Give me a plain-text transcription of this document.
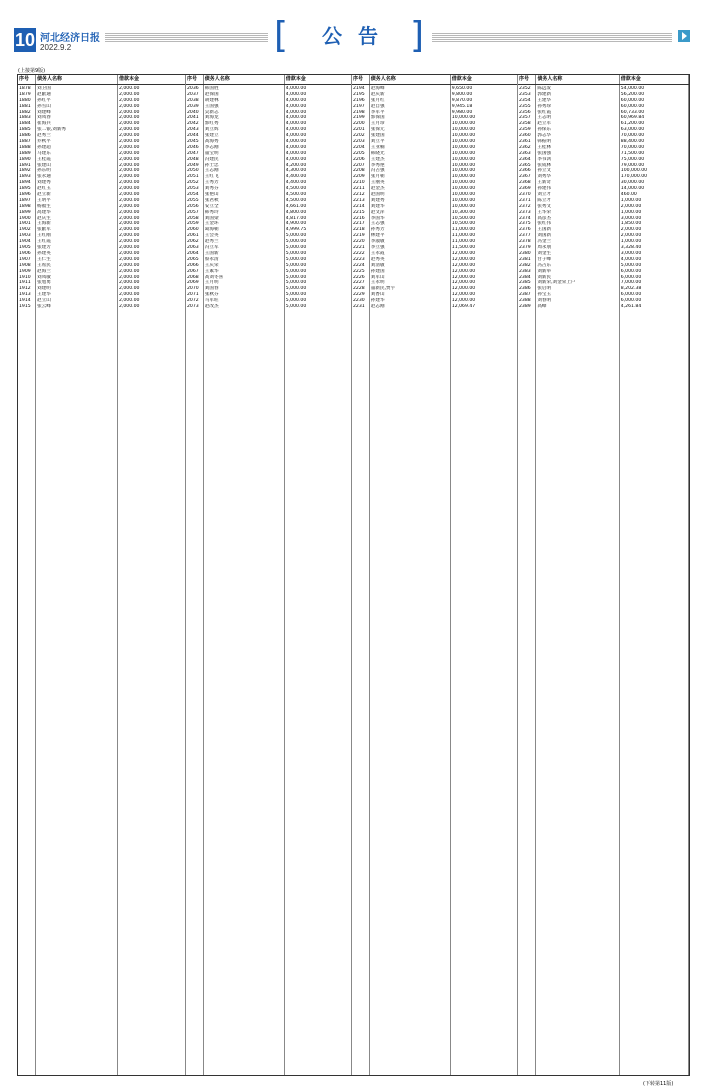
10 河北经济日报
2022.9.2	[ 公告 ]
(上接第9版)
序号	债务人名称	借款本金
1878	刘卫国	2,000.00
1879	赵献通	2,000.00
1880	孙红平	2,000.00
1881	孙雪山	2,000.00
1882	刘建峰	2,000.00
1883	刘凤春	2,000.00
1884	崔海兵	2,000.00
1885	张二银,刘新秀	2,000.00
1886	赵秀兰	2,000.00
1887	乔秋平	2,000.00
1888	孙建超	2,000.00
1889	马建东	2,000.00
1890	王桂霞	2,000.00
1891	张建山	2,000.00
1892	孙东明	2,000.00
1893	张永通	2,000.00
1894	刘建秀	2,000.00
1895	赵红玉	2,000.00
1896	赵立新	2,000.00
1897	王明平	2,000.00
1898	杨福生	2,000.00
1899	高建华	2,000.00
1900	赵庆生	2,000.00
1901	王海新	2,000.00
1902	张献军	2,000.00
1903	王红刚	2,000.00
1904	王红霞	2,000.00
1905	张建芳	2,000.00
1906	孙建英	2,000.00
1907	王仁生	2,000.00
1908	王希民	2,000.00
1909	赵海兰	2,000.00
1910	刘凤敏	2,000.00
1911	张旭勇	2,000.00
1912	刘建明	2,000.00
1913	王建华	2,000.00
1914	赵立山	2,000.00
1915	张云峰	2,000.00
序号	债务人名称	借款本金
2036	韩国胜	4,000.00
2037	赵保国	4,000.00
2038	胡建林	4,000.00
2039	王国强	4,000.00
2040	吴新志	4,000.00
2041	刘海龙	4,000.00
2042	郭红秀	4,000.00
2043	刘立辉	4,000.00
2044	张建立	4,000.00
2045	高海秀	4,000.00
2046	李志刚	4,000.00
2047	董宝明	4,000.00
2048	冯建民	4,000.00
2049	孙士忠	4,200.00
2050	王志刚	4,300.00
2051	王红飞	4,400.00
2052	王秀芳	4,400.00
2053	刘秀芬	4,500.00
2054	张艳山	4,500.00
2055	张君秋	4,500.00
2056	安立全	4,661.00
2057	韩秀玲	4,800.00
2058	刘国梁	4,817.00
2059	王金环	4,900.00
2060	葛海朝	4,999.75
2061	王会英	5,000.00
2062	赵秀兰	5,000.00
2063	冯立军	5,000.00
2064	王国新	5,000.00
2065	蔡永清	5,000.00
2066	王庆荣	5,000.00
2067	王素华	5,000.00
2068	高刘冬喜	5,000.00
2069	王月明	5,000.00
2070	刘国春	5,000.00
2071	张秋芬	5,000.00
2072	马军旺	5,000.00
2073	赵改杰	5,000.00
序号	债务人名称	借款本金
2194	赵海峰	9,650.00
2195	赵庆新	9,800.00
2196	张月红	9,870.00
2197	赵自强	9,945.18
2198	李军平	9,980.00
2199	郭保国	10,000.00
2200	王月珍	10,000.00
2201	张保元	10,000.00
2202	张建国	10,000.00
2203	刘立平	10,000.00
2204	王亚楠	10,000.00
2205	韩晓光	10,000.00
2206	王建杰	10,000.00
2207	李秀艳	10,000.00
2208	冯占强	10,000.00
2209	张月朝	10,000.00
2210	王丽英	10,000.00
2211	赵金杰	10,000.00
2212	赵国明	10,000.00
2213	刘建秀	10,000.00
2214	刘建华	10,000.00
2215	赵文萍	10,300.00
2216	李国华	10,500.00
2217	王志强	10,500.00
2218	孙秀芳	11,000.00
2219	林建平	11,000.00
2220	李淑敏	11,000.00
2221	李立强	11,500.00
2222	王永霞	12,000.00
2223	赵秀英	12,000.00
2224	刘清敏	12,000.00
2225	孙建国	12,000.00
2226	刘军山	12,000.00
2227	王永明	12,000.00
2228	董新民,贾宇	12,000.00
2229	刘香山	12,000.00
2230	孙建华	12,000.00
2231	赵志刚	12,069.47
序号	债务人名称	借款本金
2352	陈远发	54,000.00
2353	郭建新	56,200.00
2354	王建华	60,000.00
2355	孙秀珍	60,000.00
2356	张红霞	60,733.00
2357	王志明	60,969.84
2358	赵立军	61,200.00
2359	孙保东	63,000.00
2360	郭志华	70,000.00
2361	韩振明	88,400.00
2362	王桂林	70,000.00
2363	张国强	71,500.00
2364	李书鸿	75,000.00
2365	张成林	79,000.00
2366	孙立文	100,000.00
2367	刘秀华	170,000.00
2368	王新奇	30,000.00
2369	孙建伟	14,000.00
2370	刘立才	460.00
2371	陈立才	1,000.00
2372	张秀文	2,000.00
2373	王华荣	1,000.00
2374	高彦杰	3,000.00
2375	张红伟	1,850.00
2376	王国新	2,000.00
2377	刘国新	2,000.00
2378	冯金兰	1,000.00
2379	周永朋	3,328.40
2380	刘金生	3,000.00
2381	甘子峰	4,000.00
2382	冯占东	5,000.00
2383	刘新举	6,000.00
2384	刘新民	6,000.00
2385	刘新荣,刘金荣上户	7,000.00
2386	张启明	8,202.38
2387	孙宝玉	6,000.00
2388	刘春明	6,000.00
2389	高峰	4,261.84
(下转第11版)
